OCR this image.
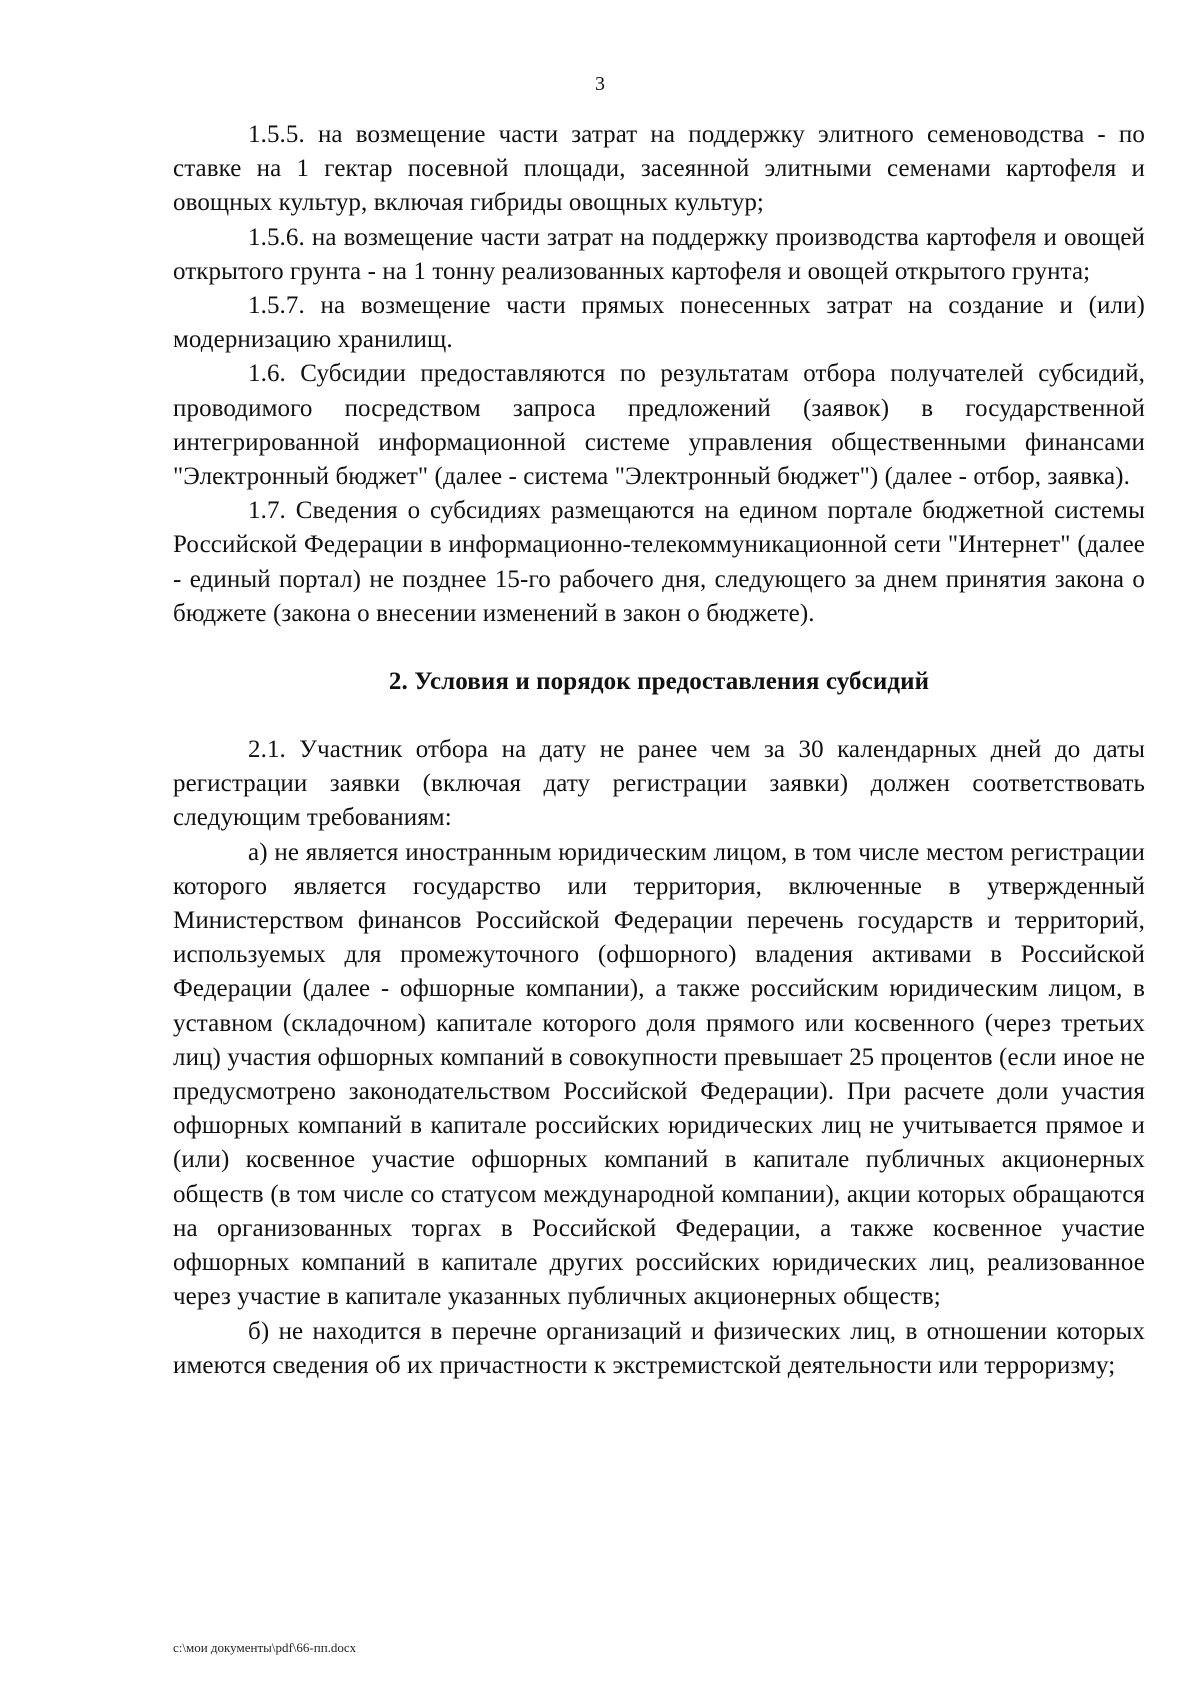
3

1.5.5. на возмещение части затрат на поддержку элитного семеноводства - по ставке на 1 гектар посевной площади, засеянной элитными семенами картофеля и овощных культур, включая гибриды овощных культур;

1.5.6. на возмещение части затрат на поддержку производства картофеля и овощей открытого грунта - на 1 тонну реализованных картофеля и овощей открытого грунта;

1.5.7. на возмещение части прямых понесенных затрат на создание и (или) модернизацию хранилищ.

1.6. Субсидии предоставляются по результатам отбора получателей субсидий, проводимого посредством запроса предложений (заявок) в государственной интегрированной информационной системе управления общественными финансами "Электронный бюджет" (далее - система "Электронный бюджет") (далее - отбор, заявка).

1.7. Сведения о субсидиях размещаются на едином портале бюджетной системы Российской Федерации в информационно-телекоммуникационной сети "Интернет" (далее - единый портал) не позднее 15-го рабочего дня, следующего за днем принятия закона о бюджете (закона о внесении изменений в закон о бюджете).

2. Условия и порядок предоставления субсидий

2.1. Участник отбора на дату не ранее чем за 30 календарных дней до даты регистрации заявки (включая дату регистрации заявки) должен соответствовать следующим требованиям:

а) не является иностранным юридическим лицом, в том числе местом регистрации которого является государство или территория, включенные в утвержденный Министерством финансов Российской Федерации перечень государств и территорий, используемых для промежуточного (офшорного) владения активами в Российской Федерации (далее - офшорные компании), а также российским юридическим лицом, в уставном (складочном) капитале которого доля прямого или косвенного (через третьих лиц) участия офшорных компаний в совокупности превышает 25 процентов (если иное не предусмотрено законодательством Российской Федерации). При расчете доли участия офшорных компаний в капитале российских юридических лиц не учитывается прямое и (или) косвенное участие офшорных компаний в капитале публичных акционерных обществ (в том числе со статусом международной компании), акции которых обращаются на организованных торгах в Российской Федерации, а также косвенное участие офшорных компаний в капитале других российских юридических лиц, реализованное через участие в капитале указанных публичных акционерных обществ;

б) не находится в перечне организаций и физических лиц, в отношении которых имеются сведения об их причастности к экстремистской деятельности или терроризму;

c:\мои документы\pdf\66-пп.docx
